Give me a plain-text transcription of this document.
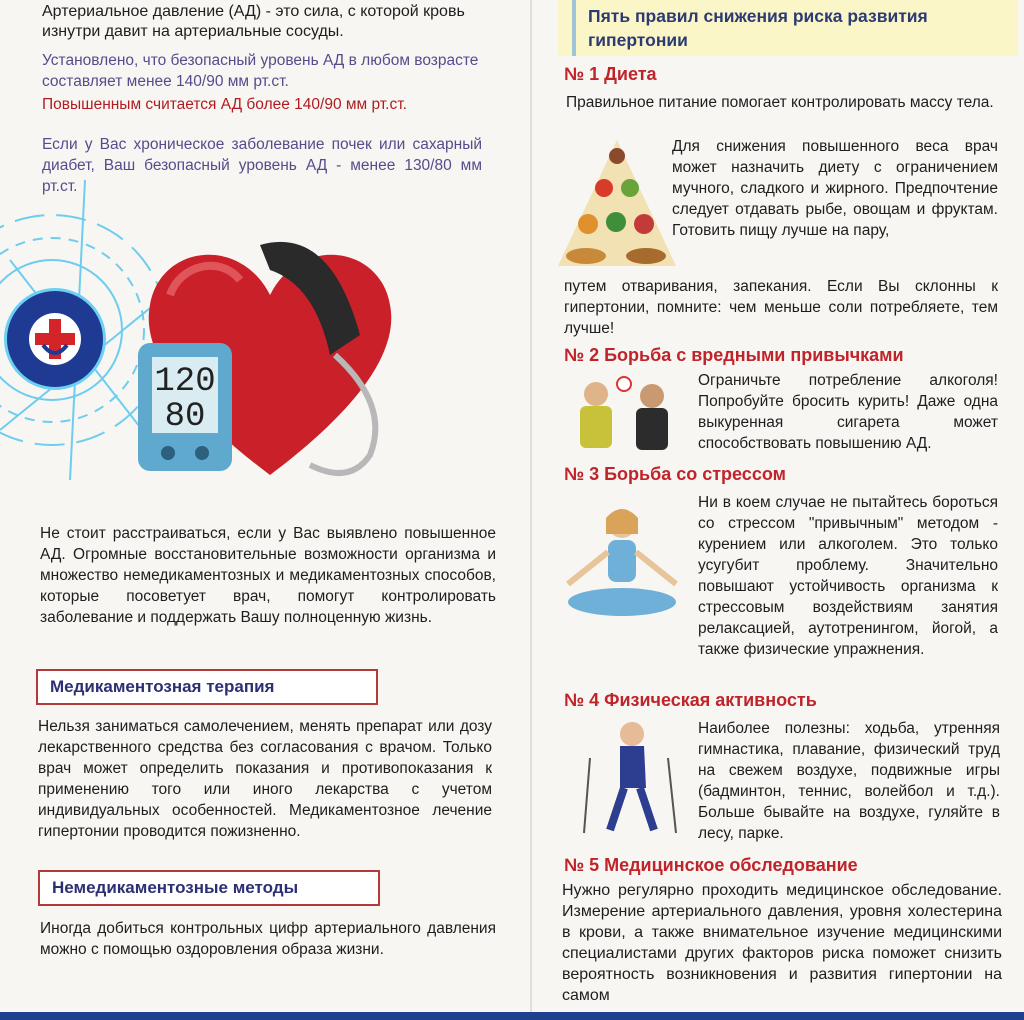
Артериальное давление (АД) - это сила, с которой кровь изнутри давит на артериальные сосуды.

Установлено, что безопасный уровень АД в любом возрасте составляет менее 140/90 мм рт.ст.

Повышенным считается АД более 140/90 мм рт.ст.

Если у Вас хроническое заболевание почек или сахарный диабет, Ваш безопасный уровень АД - менее 130/80 мм рт.ст.

120
80

Не стоит расстраиваться, если у Вас выявлено повышенное АД. Огромные восстановительные возможности организма и множество немедикаментозных и медикаментозных способов, которые посоветует врач, помогут контролировать заболевание и поддержать Вашу полноценную жизнь.

Медикаментозная терапия

Нельзя заниматься самолечением, менять препарат или дозу лекарственного средства без согласования с врачом. Только врач может определить показания и противопоказания к применению того или иного лекарства с учетом индивидуальных особенностей. Медикаментозное лечение гипертонии проводится пожизненно.

Немедикаментозные методы

Иногда добиться контрольных цифр артериального давления можно с помощью оздоровления образа жизни.

Пять правил снижения риска развития гипертонии
№ 1 Диета

Правильное питание помогает контролировать массу тела.

Для снижения повышенного веса врач может назначить диету с ограничением мучного, сладкого и жирного. Предпочтение следует отдавать рыбе, овощам и фруктам. Готовить пищу лучше на пару,

путем отваривания, запекания. Если Вы склонны к гипертонии, помните: чем меньше соли потребляете, тем лучше!

№ 2 Борьба с вредными привычками

Ограничьте потребление алкоголя! Попробуйте бросить курить! Даже одна выкуренная сигарета может способствовать повышению АД.

№ 3 Борьба со стрессом

Ни в коем случае не пытайтесь бороться со стрессом "привычным" методом - курением или алкоголем. Это только усугубит проблему. Значительно повышают устойчивость организма к стрессовым воздействиям занятия релаксацией, аутотренингом, йогой, а также физические упражнения.

№ 4 Физическая активность

Наиболее полезны: ходьба, утренняя гимнастика, плавание, физический труд на свежем воздухе, подвижные игры (бадминтон, теннис, волейбол и т.д.). Больше бывайте на воздухе, гуляйте в лесу, парке.

№ 5 Медицинское обследование

Нужно регулярно проходить медицинское обследование. Измерение артериального давления, уровня холестерина в крови, а также внимательное изучение медицинскими специалистами других факторов риска поможет снизить вероятность возникновения и развития гипертонии на самом
